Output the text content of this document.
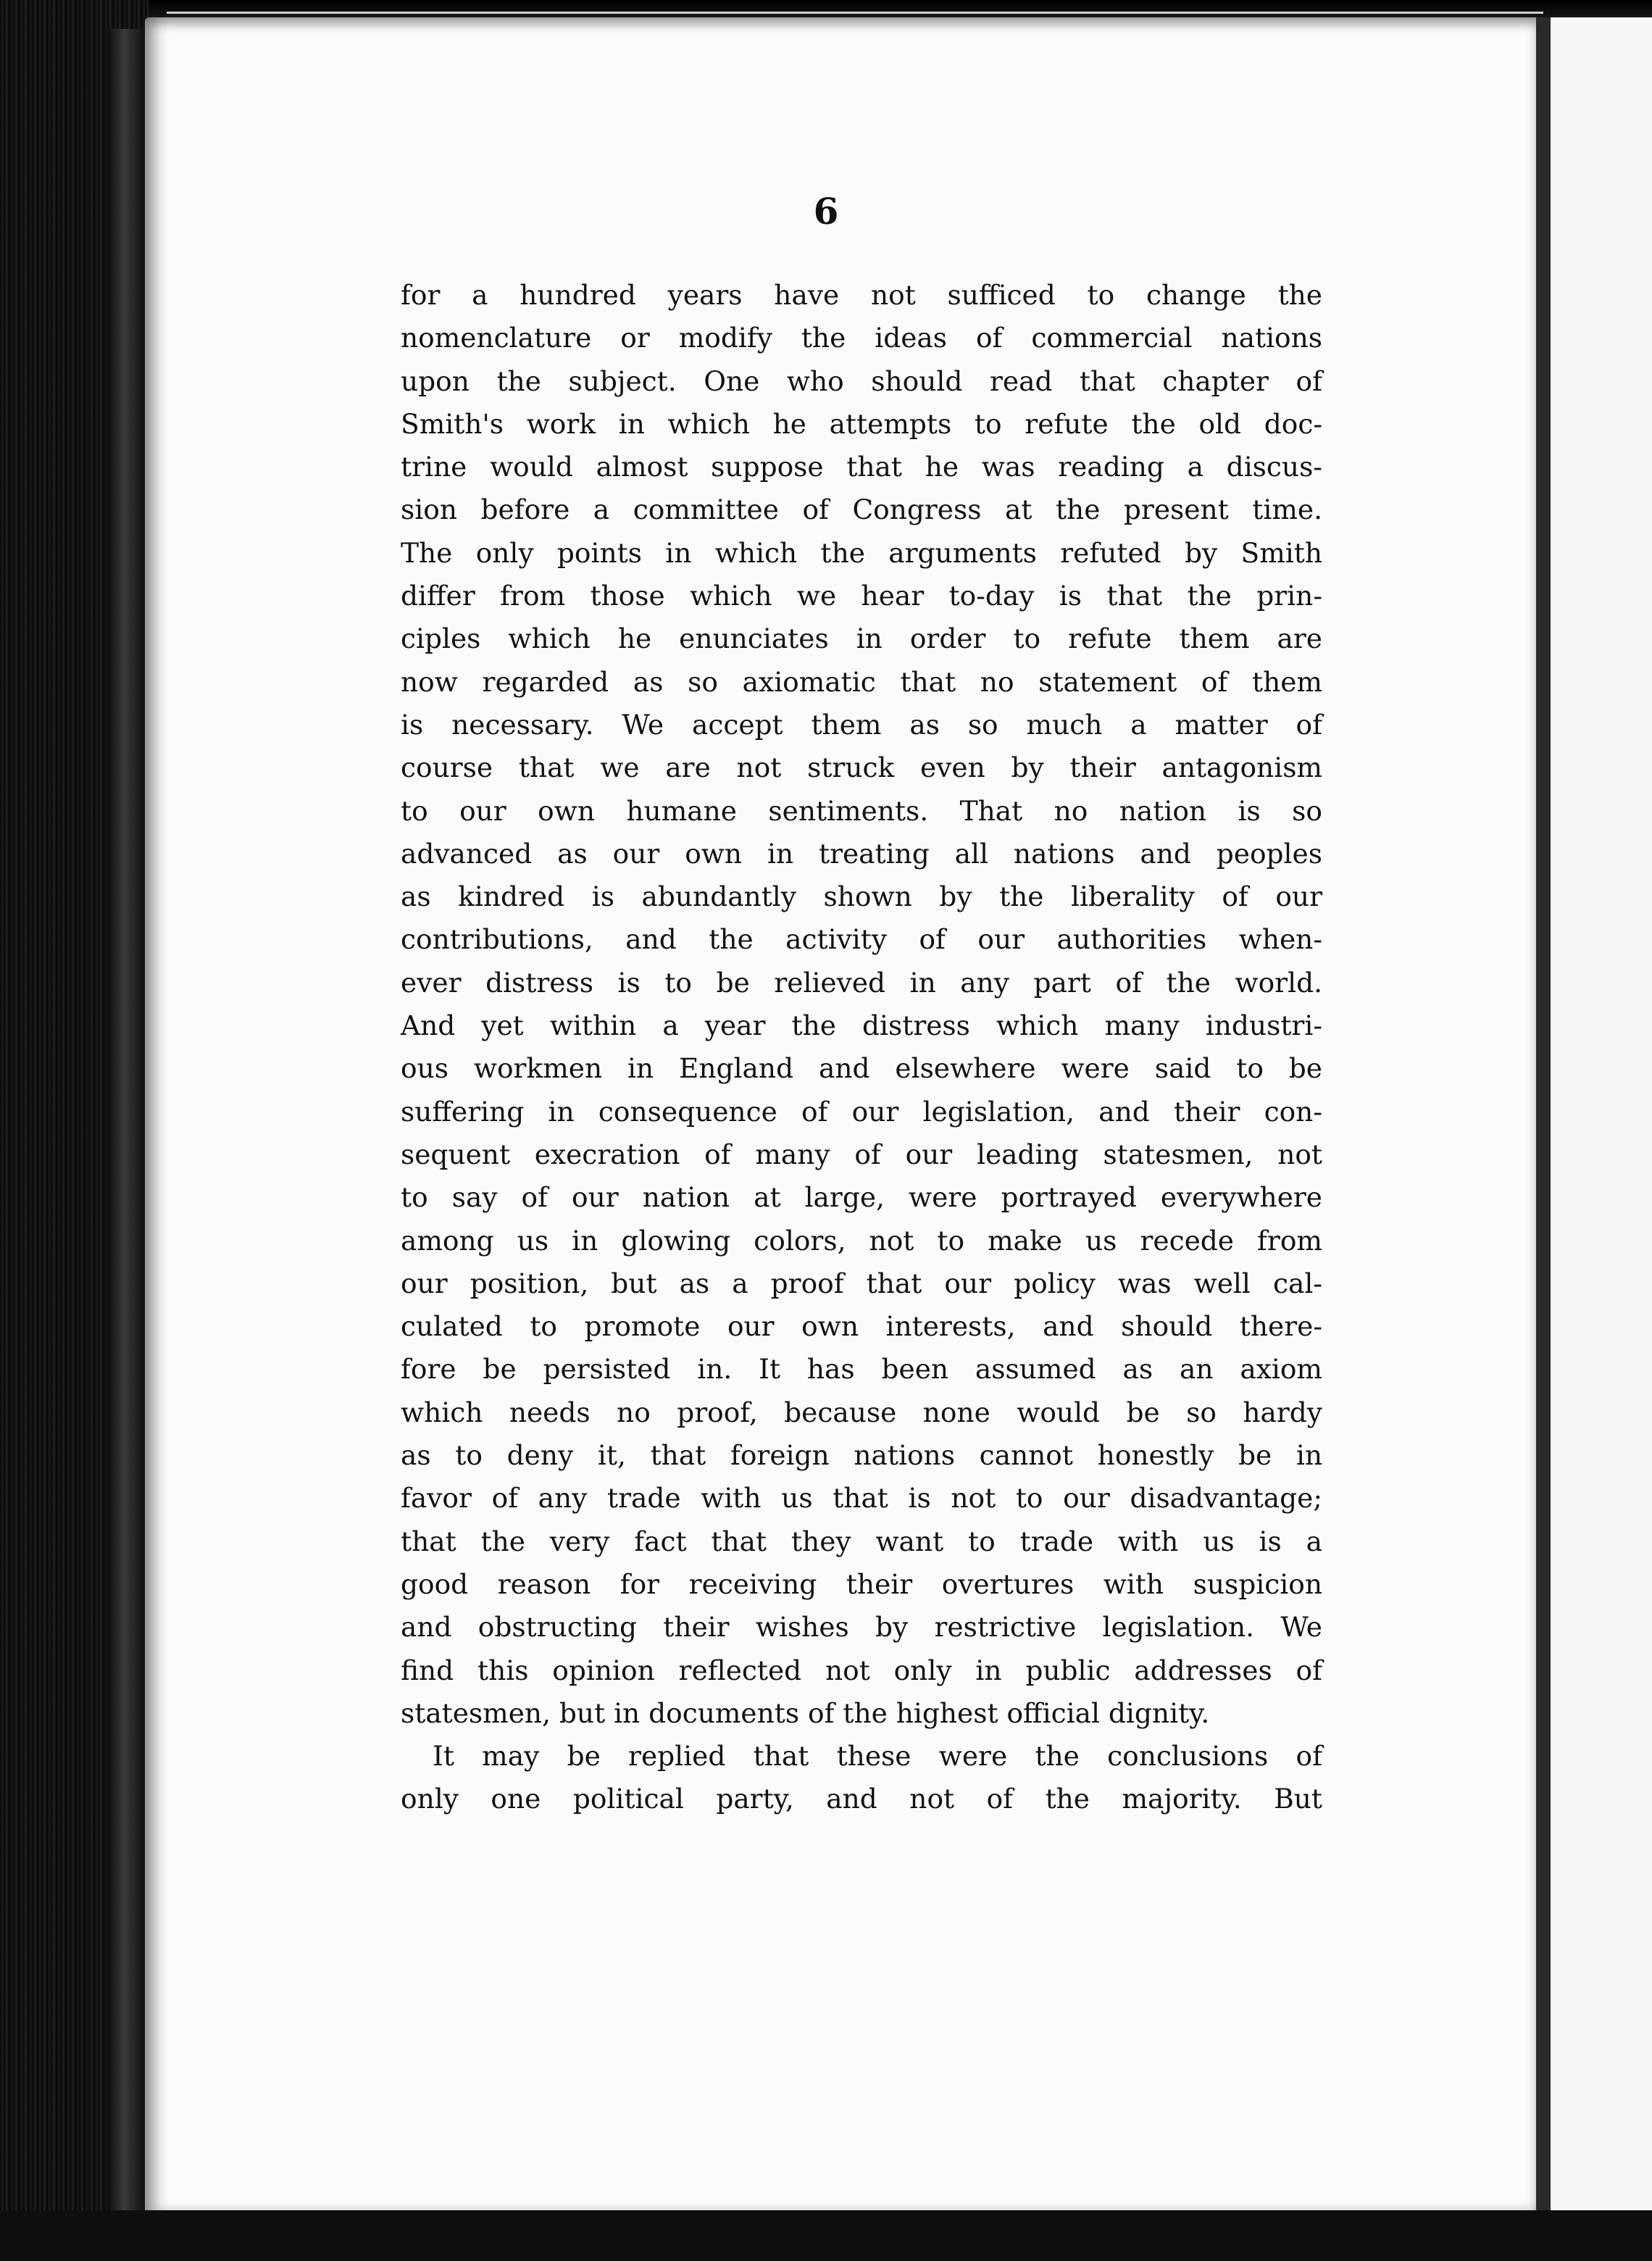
6
for a hundred years have not sufficed to change the
nomenclature or modify the ideas of commercial nations
upon the subject. One who should read that chapter of
Smith's work in which he attempts to refute the old doc-
trine would almost suppose that he was reading a discus-
sion before a committee of Congress at the present time.
The only points in which the arguments refuted by Smith
differ from those which we hear to-day is that the prin-
ciples which he enunciates in order to refute them are
now regarded as so axiomatic that no statement of them
is necessary. We accept them as so much a matter of
course that we are not struck even by their antagonism
to our own humane sentiments. That no nation is so
advanced as our own in treating all nations and peoples
as kindred is abundantly shown by the liberality of our
contributions, and the activity of our authorities when-
ever distress is to be relieved in any part of the world.
And yet within a year the distress which many industri-
ous workmen in England and elsewhere were said to be
suffering in consequence of our legislation, and their con-
sequent execration of many of our leading statesmen, not
to say of our nation at large, were portrayed everywhere
among us in glowing colors, not to make us recede from
our position, but as a proof that our policy was well cal-
culated to promote our own interests, and should there-
fore be persisted in. It has been assumed as an axiom
which needs no proof, because none would be so hardy
as to deny it, that foreign nations cannot honestly be in
favor of any trade with us that is not to our disadvantage;
that the very fact that they want to trade with us is a
good reason for receiving their overtures with suspicion
and obstructing their wishes by restrictive legislation. We
find this opinion reflected not only in public addresses of
statesmen, but in documents of the highest official dignity.
It may be replied that these were the conclusions of
only one political party, and not of the majority. But
